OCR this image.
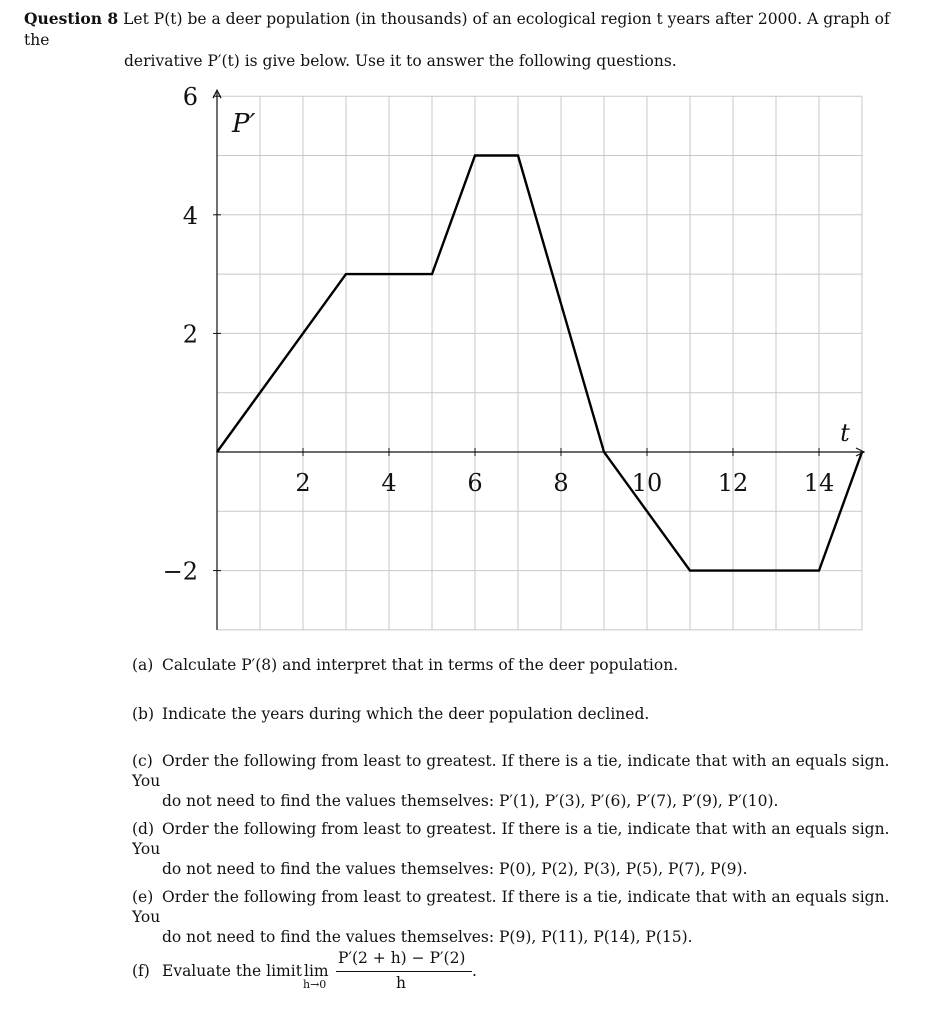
Question 8 Let P(t) be a deer population (in thousands) of an ecological region t years after 2000. A graph of the
derivative P′(t) is give below. Use it to answer the following questions.
2	4	6	8	10 12 14
6
4
2
−2
P′
t
(a) Calculate P′(8) and interpret that in terms of the deer population.
(b) Indicate the years during which the deer population declined.
(c) Order the following from least to greatest. If there is a tie, indicate that with an equals sign. You
do not need to find the values themselves: P′(1), P′(3), P′(6), P′(7), P′(9), P′(10).
(d) Order the following from least to greatest. If there is a tie, indicate that with an equals sign. You
do not need to find the values themselves: P(0), P(2), P(3), P(5), P(7), P(9).
(e) Order the following from least to greatest. If there is a tie, indicate that with an equals sign. You
do not need to find the values themselves: P(9), P(11), P(14), P(15).
(f) Evaluate the limit lim
h→0
P′(2 + h) − P′(2)
h
.
